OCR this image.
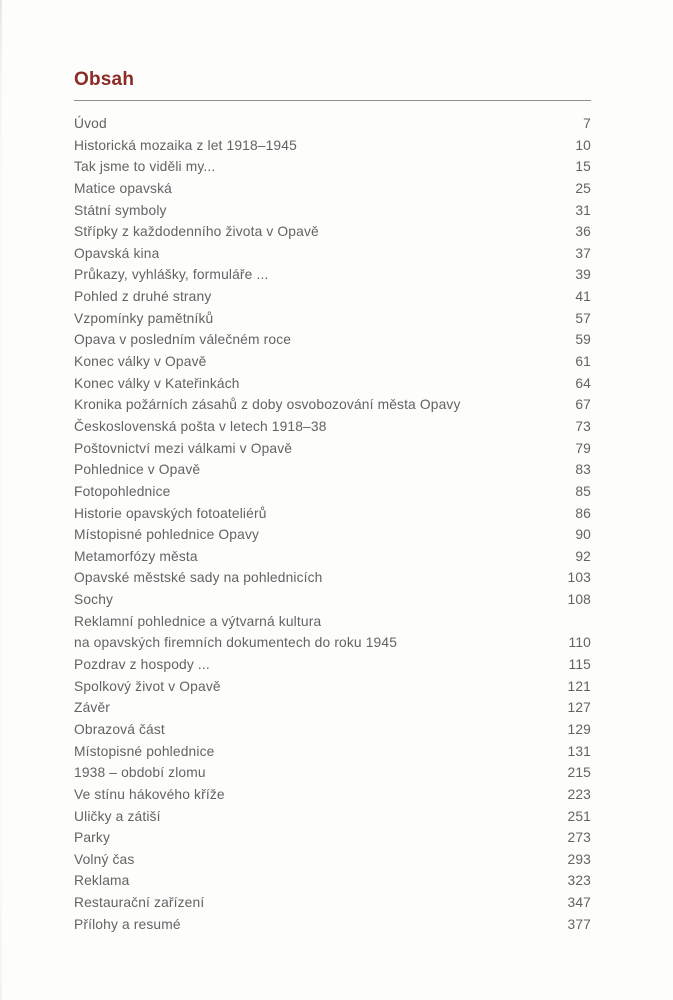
Obsah
Úvod	7
Historická mozaika z let 1918–1945	10
Tak jsme to viděli my...	15
Matice opavská	25
Státní symboly	31
Střípky z každodenního života v Opavě	36
Opavská kina	37
Průkazy, vyhlášky, formuláře ...	39
Pohled z druhé strany	41
Vzpomínky pamětníků	57
Opava v posledním válečném roce	59
Konec války v Opavě	61
Konec války v Kateřinkách	64
Kronika požárních zásahů z doby osvobozování města Opavy	67
Československá pošta v letech 1918–38	73
Poštovnictví mezi válkami v Opavě	79
Pohlednice v Opavě	83
Fotopohlednice	85
Historie opavských fotoateliérů	86
Místopisné pohlednice Opavy	90
Metamorfózy města	92
Opavské městské sady na pohlednicích	103
Sochy	108
Reklamní pohlednice a výtvarná kultura
na opavských firemních dokumentech do roku 1945	110
Pozdrav z hospody ...	115
Spolkový život v Opavě	121
Závěr	127
Obrazová část	129
Místopisné pohlednice	131
1938 – období zlomu	215
Ve stínu hákového kříže	223
Uličky a zátiší	251
Parky	273
Volný čas	293
Reklama	323
Restaurační zařízení	347
Přílohy a resumé	377
